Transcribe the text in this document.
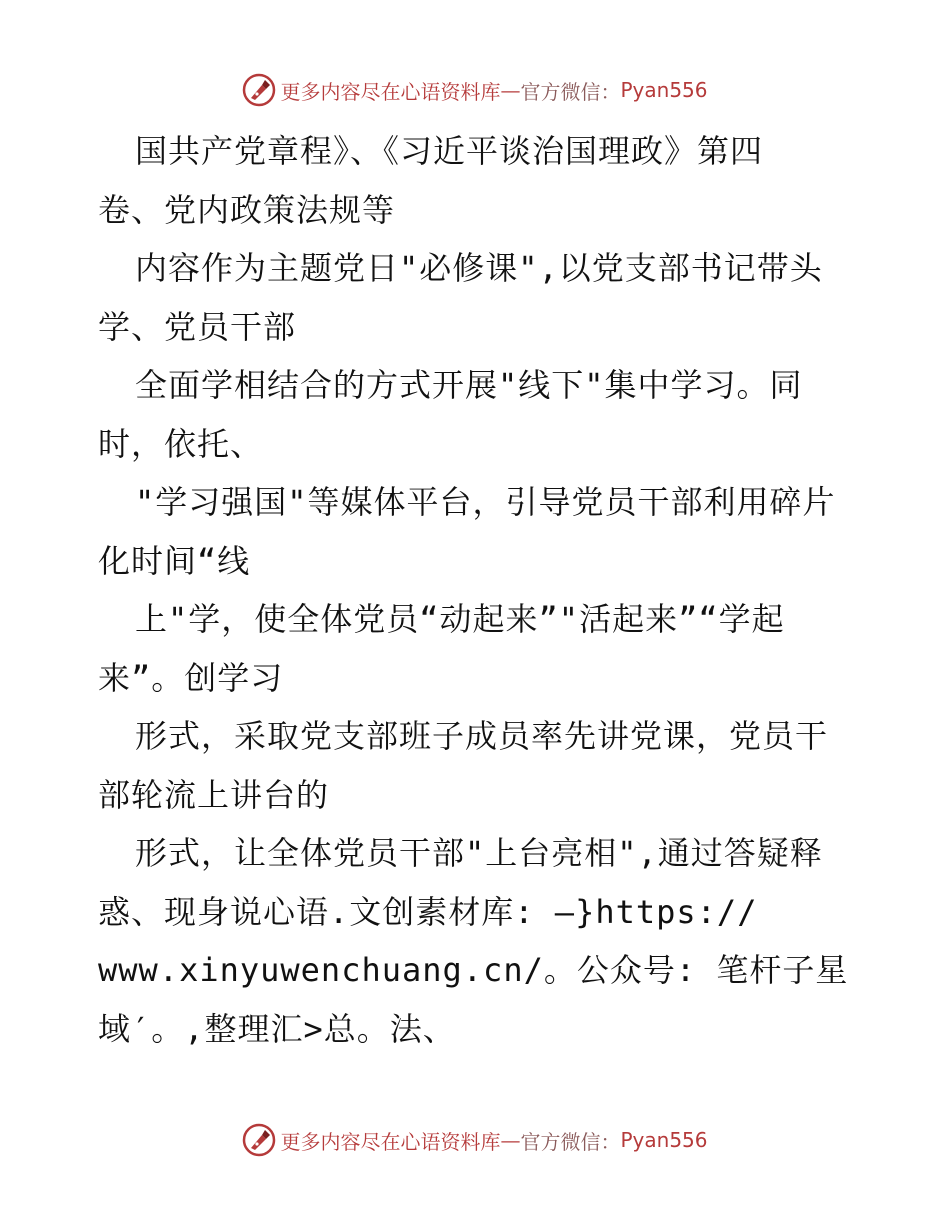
更多内容尽在心语资料库 — 官方微信： Pyan556
国共产党章程》、《习近平谈治国理政》第四
卷、党内政策法规等
内容作为主题党日"必修课",以党支部书记带头
学、党员干部
全面学相结合的方式开展"线下"集中学习。同
时，依托、
"学习强国"等媒体平台，引导党员干部利用碎片
化时间“线
上"学，使全体党员“动起来”"活起来”“学起
来”。创学习
形式，采取党支部班子成员率先讲党课，党员干
部轮流上讲台的
形式，让全体党员干部"上台亮相",通过答疑释
惑、现身说心语.文创素材库: —}https://
www.xinyuwenchuang.cn/。公众号: 笔杆子星
域′。,整理汇>总。法、
更多内容尽在心语资料库 — 官方微信： Pyan556
